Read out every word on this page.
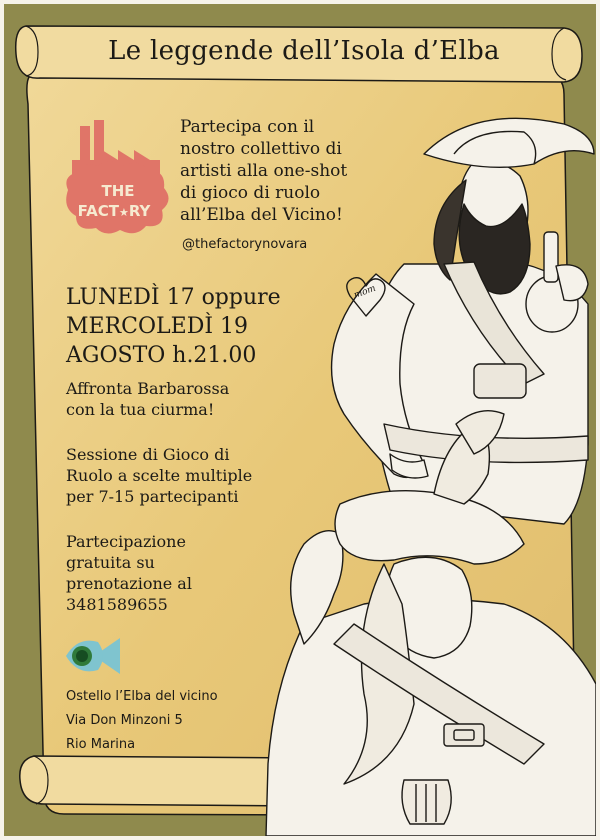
mom
THE
FACT★RY
Le leggende dell’Isola d’Elba
Partecipa con il
nostro collettivo di
artisti alla one-shot
di gioco di ruolo
all’Elba del Vicino!
@thefactorynovara
LUNEDÌ 17 oppure
MERCOLEDÌ 19
AGOSTO h.21.00
Affronta Barbarossa
con la tua ciurma!
Sessione di Gioco di
Ruolo a scelte multiple
per 7-15 partecipanti
Partecipazione
gratuita su
prenotazione al
3481589655
Ostello l’Elba del vicino
Via Don Minzoni 5
Rio Marina
